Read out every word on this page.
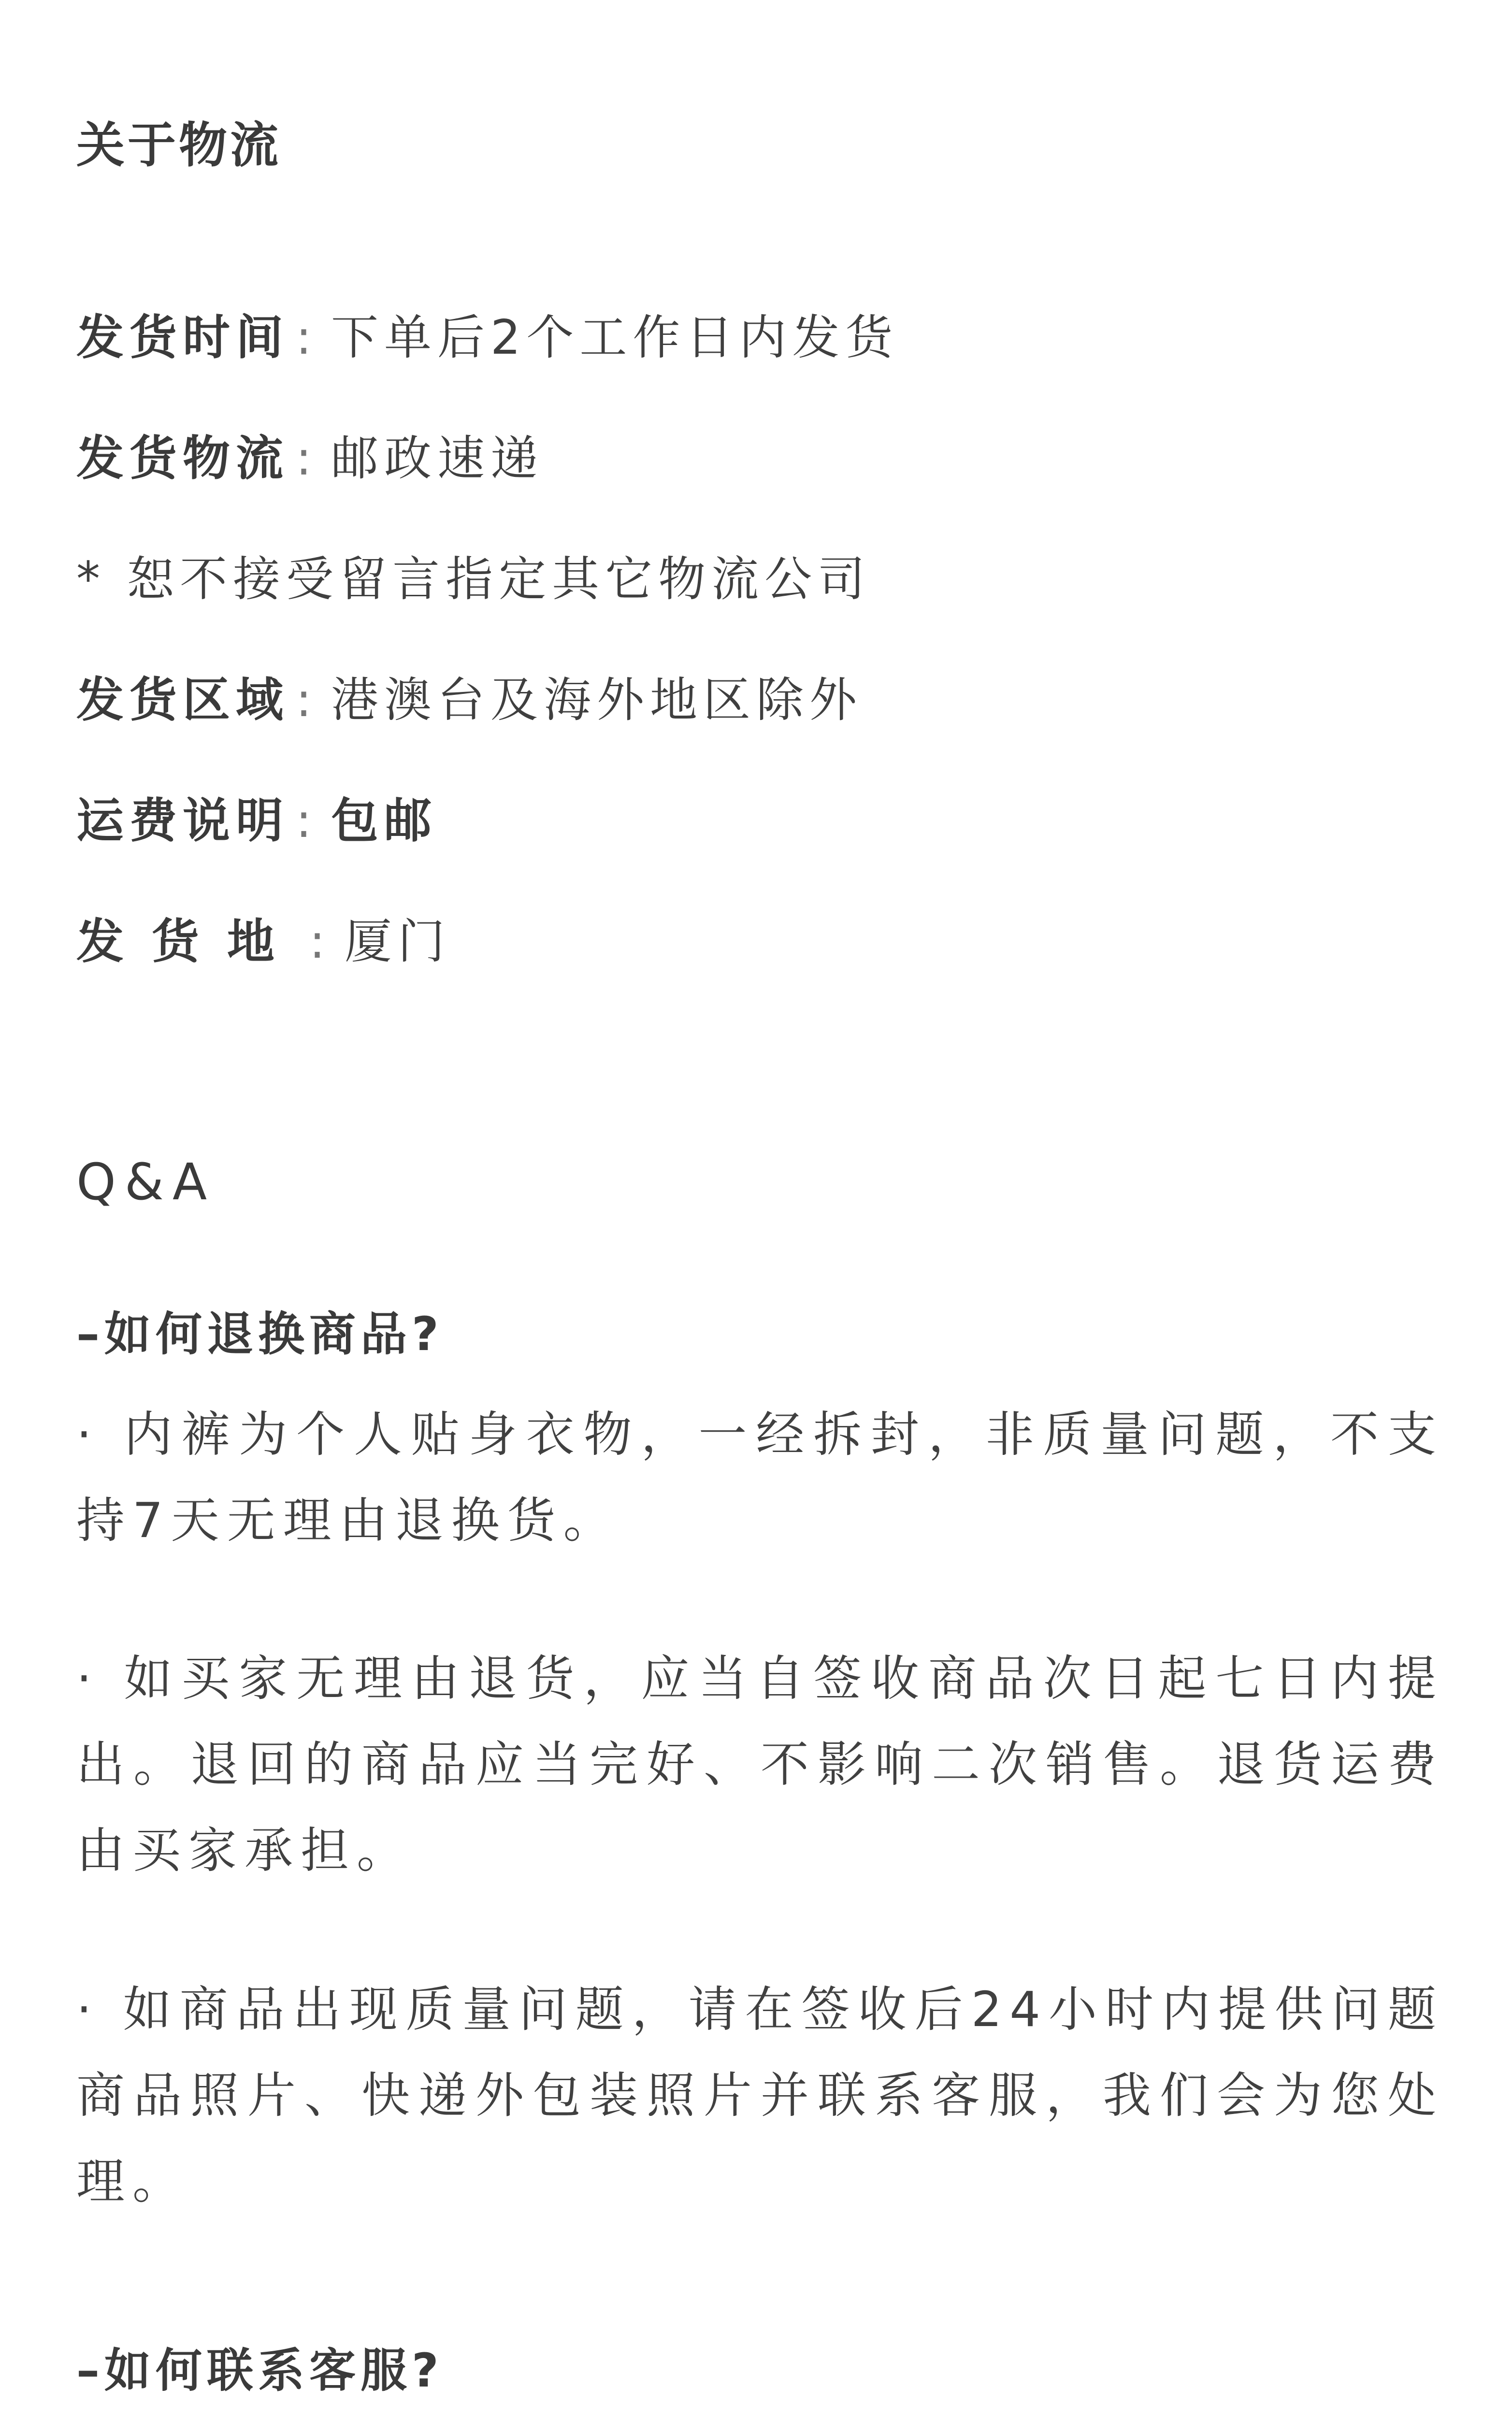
关于物流
发货时间 : 下单后2个工作日内发货
发货物流 : 邮政速递
* 恕不接受留言指定其它物流公司
发货区域 : 港澳台及海外地区除外
运费说明 : 包邮
发货地 : 厦门
Q&A
–如何退换商品?

· 内裤为个人贴身衣物，一经拆封，非质量问题，不支持7天无理由退换货。

· 如买家无理由退货，应当自签收商品次日起七日内提出。退回的商品应当完好、不影响二次销售。退货运费由买家承担。

· 如商品出现质量问题，请在签收后24小时内提供问题商品照片、快递外包装照片并联系客服，我们会为您处理。

–如何联系客服?
